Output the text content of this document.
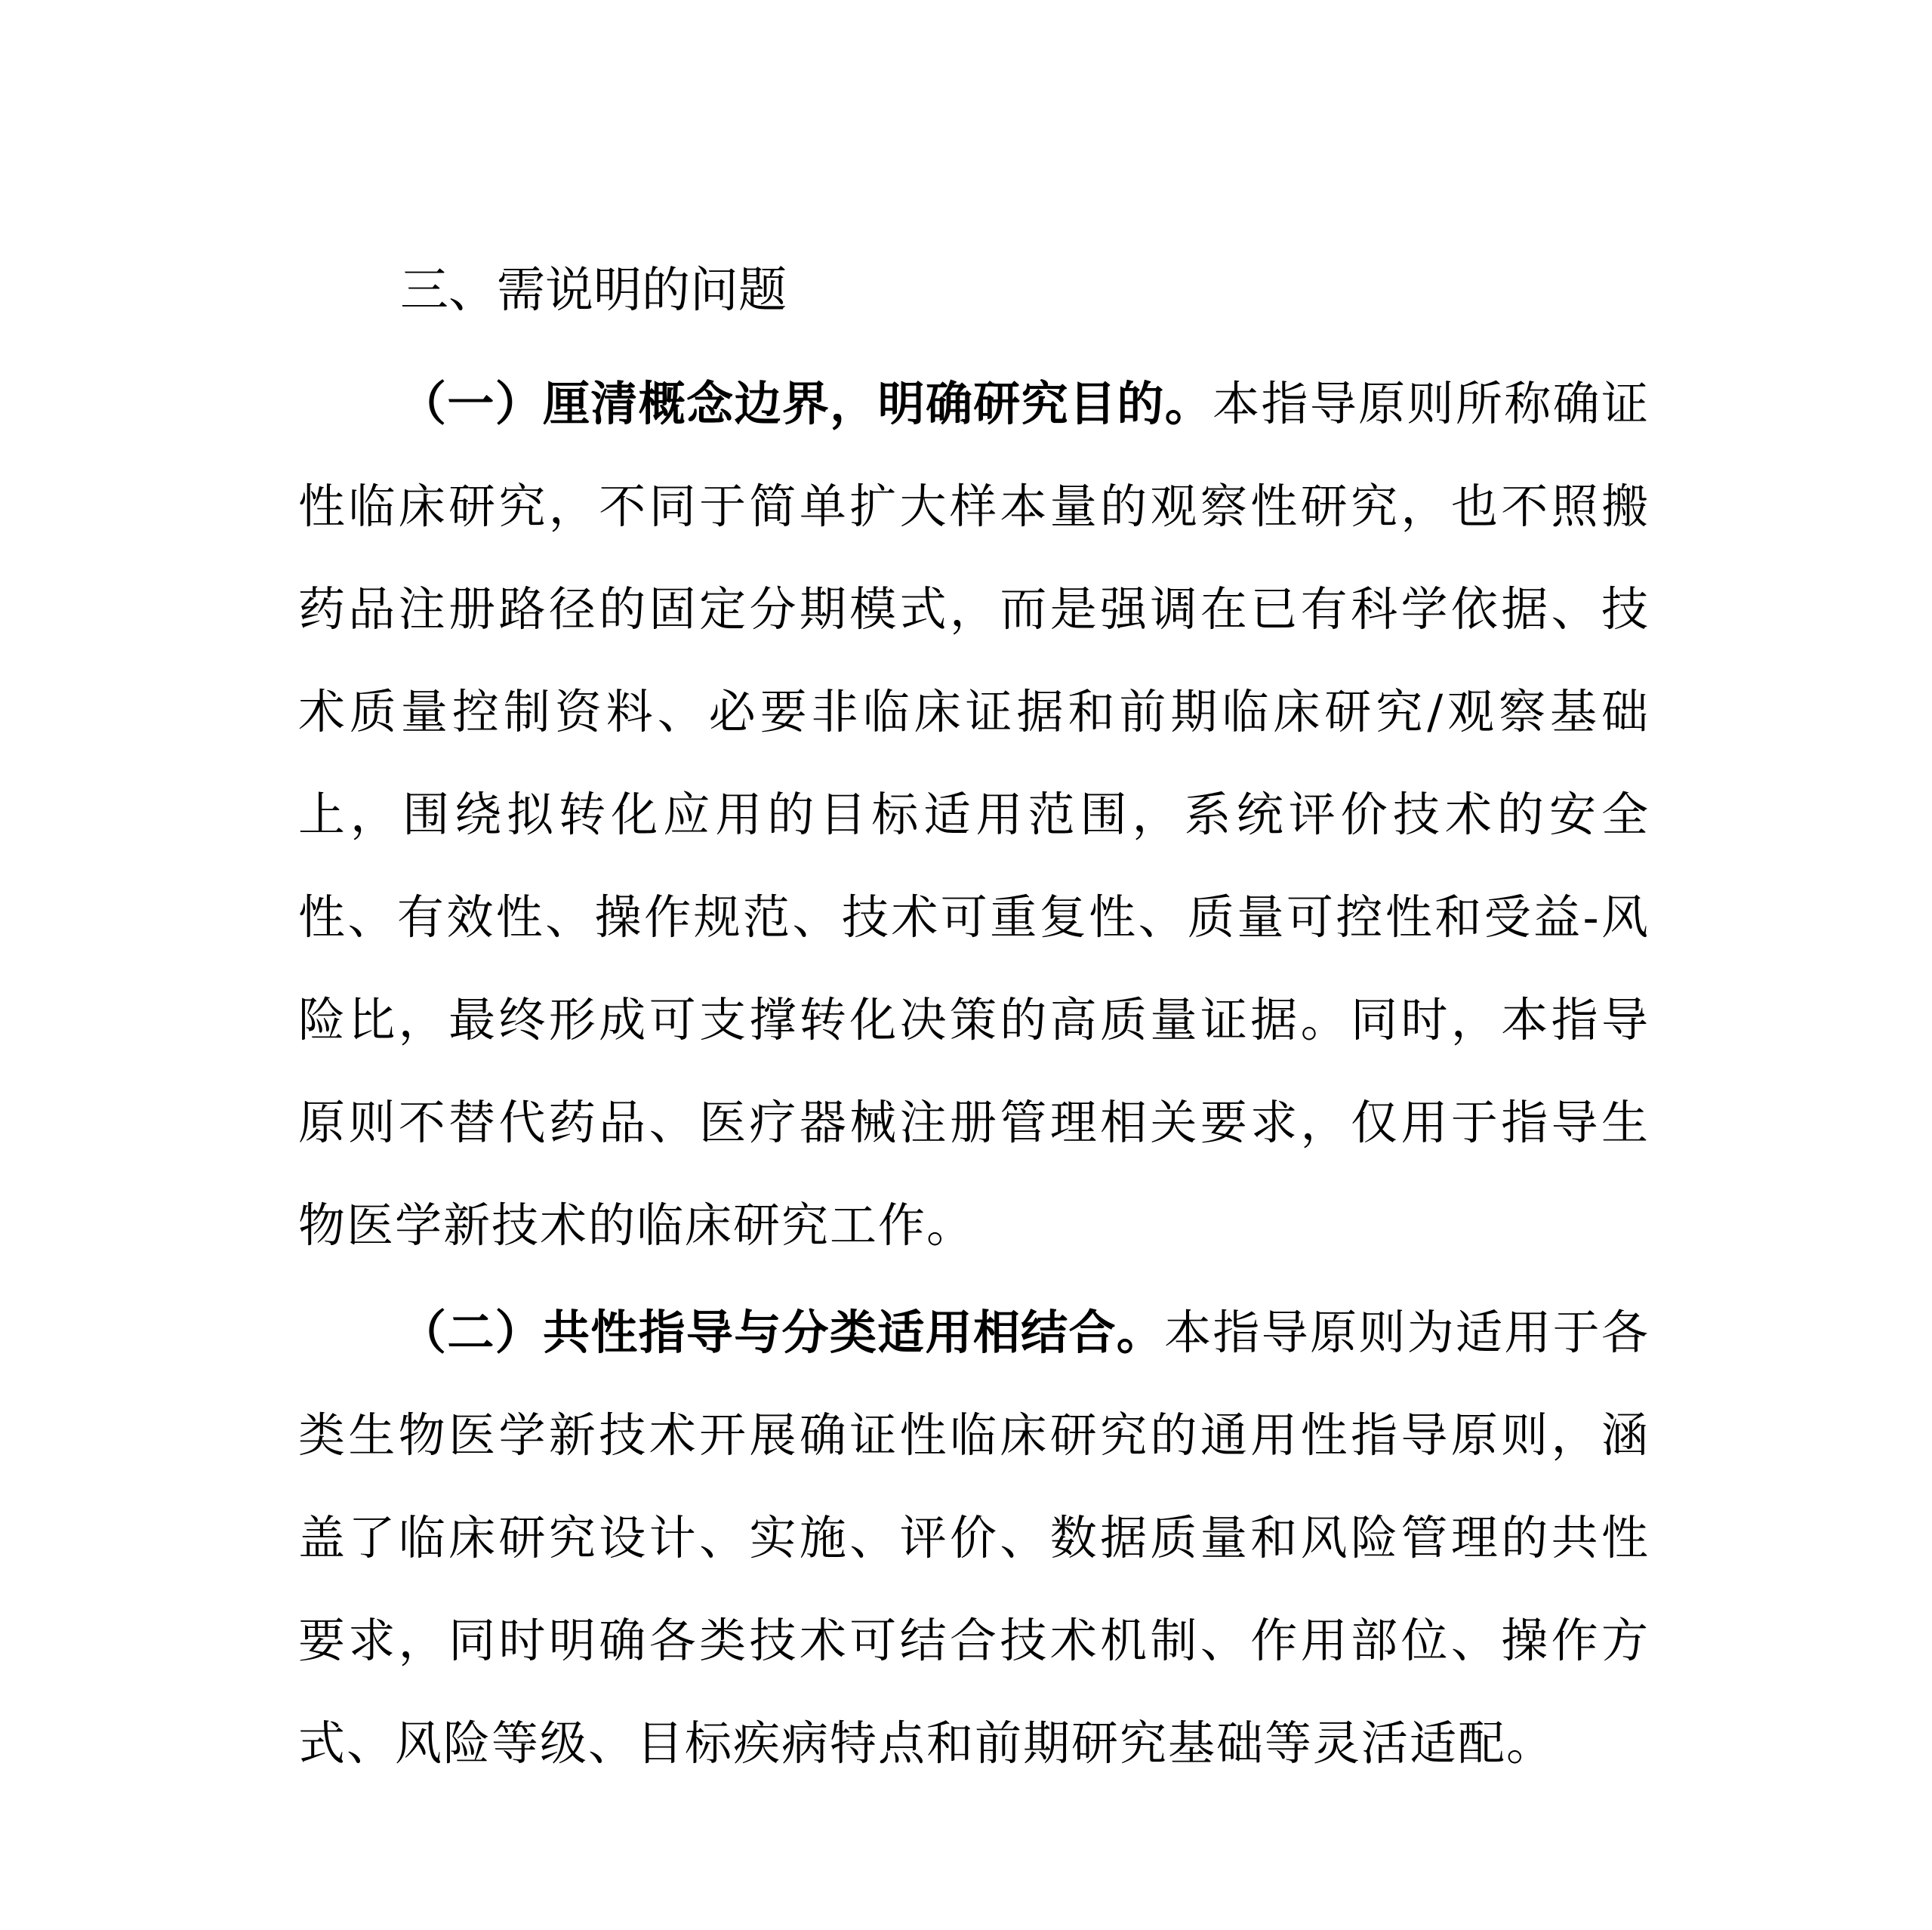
三、需说明的问题

（一）厘清概念边界，明确研究目的。本指导原则所称确证性临床研究，不同于简单扩大样本量的观察性研究，也不照搬药品注册路径的固定分期模式，而是强调在已有科学依据、技术质量控制资料、必要非临床证据和前期临床研究/观察基础上，围绕拟转化应用的目标适用范围，系统评价技术的安全性、有效性、操作规范、技术可重复性、质量可控性和受益-风险比，最终形成可支撑转化决策的高质量证据。同时，本指导原则不替代药品、医疗器械注册管理相关要求，仅用于指导生物医学新技术的临床研究工作。

（二）共性指导与分类适用相结合。本指导原则为适用于各类生物医学新技术开展确证性临床研究的通用性指导原则，涵盖了临床研究设计、实施、评价、数据质量和风险管理的共性要求，同时明确各类技术可结合技术机制、作用部位、操作方式、风险等级、目标疾病特点和前期研究基础等灵活适配。
